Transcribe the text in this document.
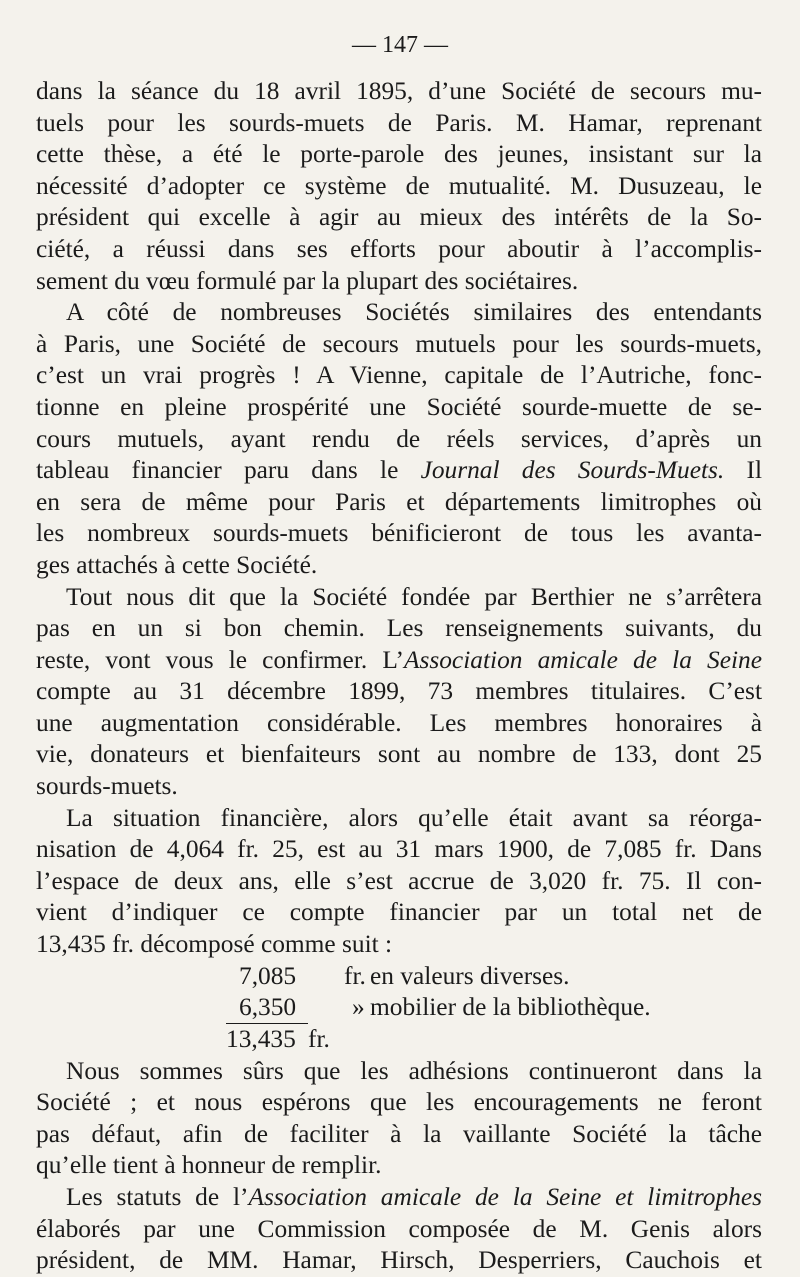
— 147 —
dans la séance du 18 avril 1895, d’une Société de secours mu-
tuels pour les sourds-muets de Paris. M. Hamar, reprenant
cette thèse, a été le porte-parole des jeunes, insistant sur la
nécessité d’adopter ce système de mutualité. M. Dusuzeau, le
président qui excelle à agir au mieux des intérêts de la So-
ciété, a réussi dans ses efforts pour aboutir à l’accomplis-
sement du vœu formulé par la plupart des sociétaires.
A côté de nombreuses Sociétés similaires des entendants
à Paris, une Société de secours mutuels pour les sourds-muets,
c’est un vrai progrès ! A Vienne, capitale de l’Autriche, fonc-
tionne en pleine prospérité une Société sourde-muette de se-
cours mutuels, ayant rendu de réels services, d’après un
tableau financier paru dans le Journal des Sourds-Muets. Il
en sera de même pour Paris et départements limitrophes où
les nombreux sourds-muets bénificieront de tous les avanta-
ges attachés à cette Société.
Tout nous dit que la Société fondée par Berthier ne s’arrêtera
pas en un si bon chemin. Les renseignements suivants, du
reste, vont vous le confirmer. L’Association amicale de la Seine
compte au 31 décembre 1899, 73 membres titulaires. C’est
une augmentation considérable. Les membres honoraires à
vie, donateurs et bienfaiteurs sont au nombre de 133, dont 25
sourds-muets.
La situation financière, alors qu’elle était avant sa réorga-
nisation de 4,064 fr. 25, est au 31 mars 1900, de 7,085 fr. Dans
l’espace de deux ans, elle s’est accrue de 3,020 fr. 75. Il con-
vient d’indiquer ce compte financier par un total net de
13,435 fr. décomposé comme suit :
7,085 fr. en valeurs diverses.
6,350 » mobilier de la bibliothèque.
13,435 fr.
Nous sommes sûrs que les adhésions continueront dans la
Société ; et nous espérons que les encouragements ne feront
pas défaut, afin de faciliter à la vaillante Société la tâche
qu’elle tient à honneur de remplir.
Les statuts de l’Association amicale de la Seine et limitrophes
élaborés par une Commission composée de M. Genis alors
président, de MM. Hamar, Hirsch, Desperriers, Cauchois et
